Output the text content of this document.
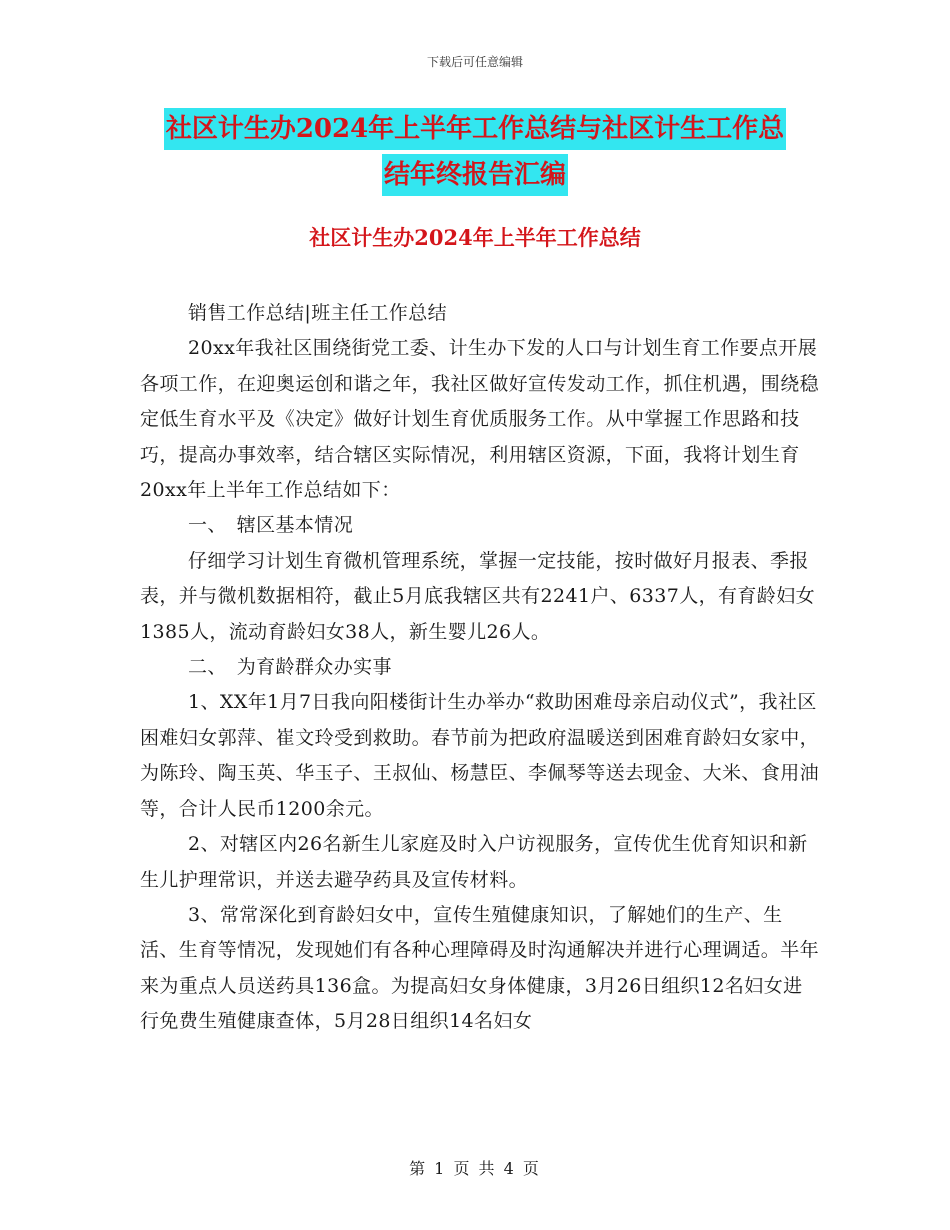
下载后可任意编辑
社区计生办2024年上半年工作总结与社区计生工作总
结年终报告汇编
社区计生办2024年上半年工作总结

销售工作总结|班主任工作总结

20xx年我社区围绕街党工委、计生办下发的人口与计划生育工作要点开展各项工作，在迎奥运创和谐之年，我社区做好宣传发动工作，抓住机遇，围绕稳定低生育水平及《决定》做好计划生育优质服务工作。从中掌握工作思路和技巧，提高办事效率，结合辖区实际情况，利用辖区资源，下面，我将计划生育20xx年上半年工作总结如下：

一、　辖区基本情况

仔细学习计划生育微机管理系统，掌握一定技能，按时做好月报表、季报表，并与微机数据相符，截止5月底我辖区共有2241户、6337人，有育龄妇女1385人，流动育龄妇女38人，新生婴儿26人。

二、　为育龄群众办实事

1、XX年1月7日我向阳楼街计生办举办“救助困难母亲启动仪式”，我社区困难妇女郭萍、崔文玲受到救助。春节前为把政府温暖送到困难育龄妇女家中，为陈玲、陶玉英、华玉子、王叔仙、杨慧臣、李佩琴等送去现金、大米、食用油等，合计人民币1200余元。

2、对辖区内26名新生儿家庭及时入户访视服务，宣传优生优育知识和新生儿护理常识，并送去避孕药具及宣传材料。

3、常常深化到育龄妇女中，宣传生殖健康知识，了解她们的生产、生活、生育等情况，发现她们有各种心理障碍及时沟通解决并进行心理调适。半年来为重点人员送药具136盒。为提高妇女身体健康，3月26日组织12名妇女进行免费生殖健康查体，5月28日组织14名妇女

第 1 页 共 4 页
